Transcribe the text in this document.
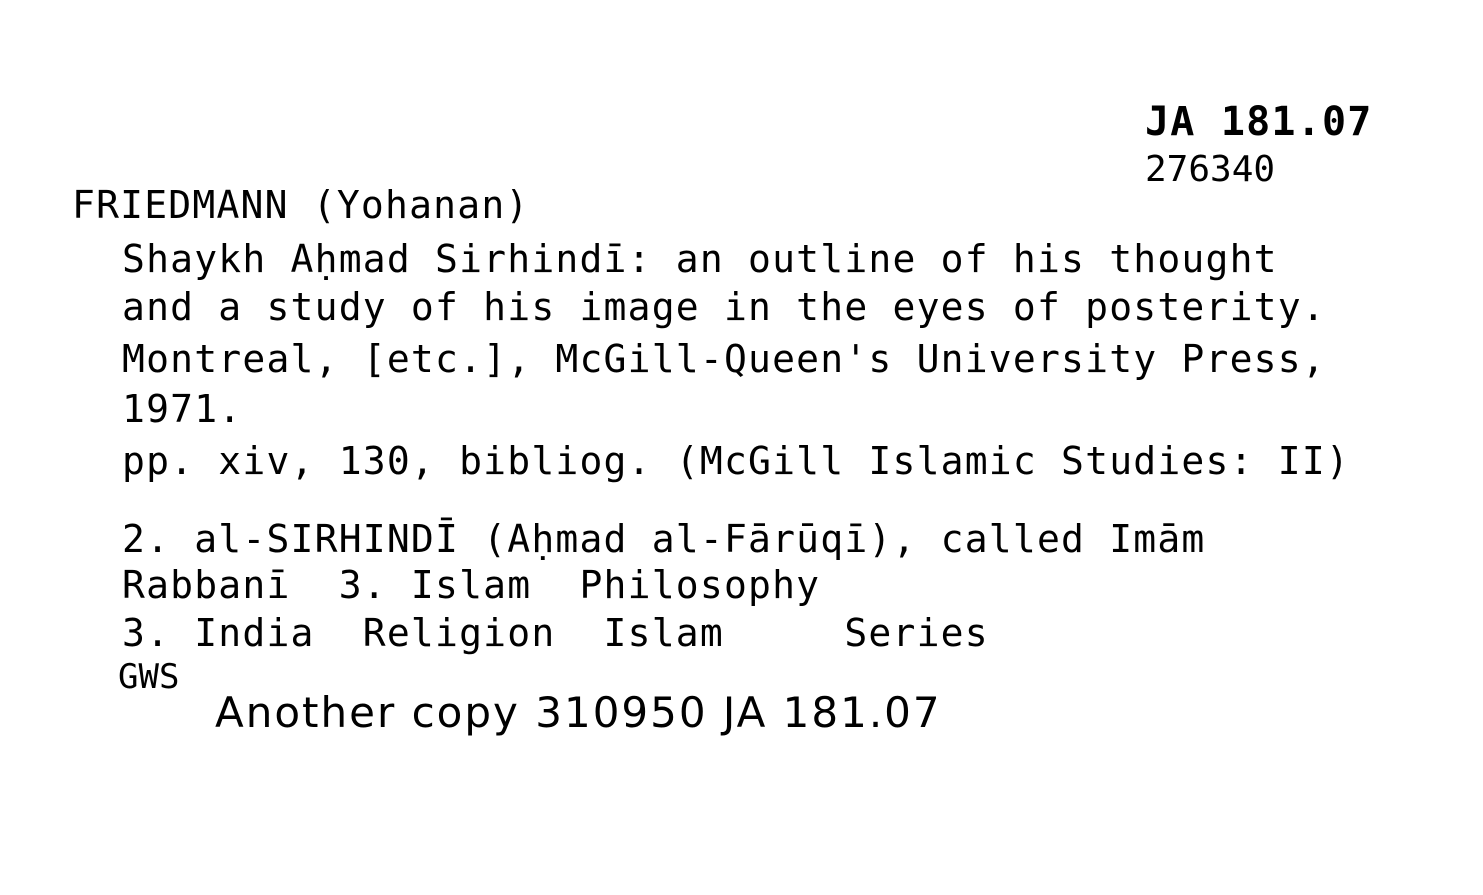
JA 181.07
276340
FRIEDMANN (Yohanan)
Shaykh Aḥmad Sirhindī: an outline of his thought
and a study of his image in the eyes of posterity.
Montreal, [etc.], McGill-Queen's University Press,
1971.
pp. xiv, 130, bibliog. (McGill Islamic Studies: II)
2. al-SIRHINDĪ (Aḥmad al-Fārūqī), called Imām
Rabbanī  3. Islam  Philosophy
3. India  Religion  Islam     Series
GWS
Another copy 310950 JA 181.07
